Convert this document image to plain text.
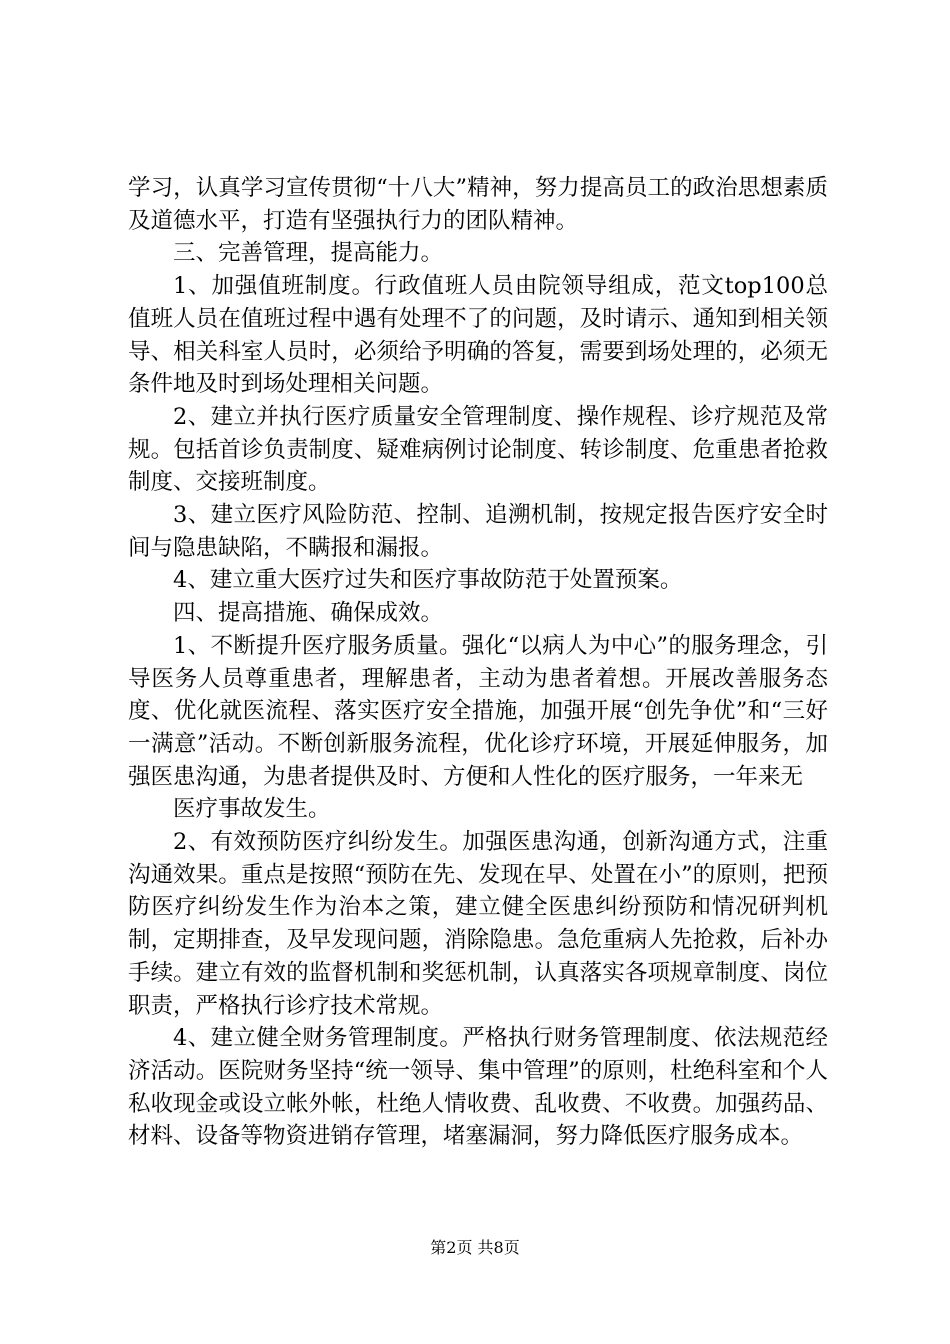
学习，认真学习宣传贯彻“十八大”精神，努力提高员工的政治思想素质及道德水平，打造有坚强执行力的团队精神。

三、完善管理，提高能力。

1、加强值班制度。行政值班人员由院领导组成，范文top100总值班人员在值班过程中遇有处理不了的问题，及时请示、通知到相关领导、相关科室人员时，必须给予明确的答复，需要到场处理的，必须无条件地及时到场处理相关问题。

2、建立并执行医疗质量安全管理制度、操作规程、诊疗规范及常规。包括首诊负责制度、疑难病例讨论制度、转诊制度、危重患者抢救制度、交接班制度。

3、建立医疗风险防范、控制、追溯机制，按规定报告医疗安全时间与隐患缺陷，不瞒报和漏报。

4、建立重大医疗过失和医疗事故防范于处置预案。

四、提高措施、确保成效。

1、不断提升医疗服务质量。强化“以病人为中心”的服务理念，引导医务人员尊重患者，理解患者，主动为患者着想。开展改善服务态度、优化就医流程、落实医疗安全措施，加强开展“创先争优”和“三好一满意”活动。不断创新服务流程，优化诊疗环境，开展延伸服务，加强医患沟通，为患者提供及时、方便和人性化的医疗服务，一年来无

医疗事故发生。

2、有效预防医疗纠纷发生。加强医患沟通，创新沟通方式，注重沟通效果。重点是按照“预防在先、发现在早、处置在小”的原则，把预防医疗纠纷发生作为治本之策，建立健全医患纠纷预防和情况研判机制，定期排查，及早发现问题，消除隐患。急危重病人先抢救，后补办手续。建立有效的监督机制和奖惩机制，认真落实各项规章制度、岗位职责，严格执行诊疗技术常规。

4、建立健全财务管理制度。严格执行财务管理制度、依法规范经济活动。医院财务坚持“统一领导、集中管理”的原则，杜绝科室和个人私收现金或设立帐外帐，杜绝人情收费、乱收费、不收费。加强药品、材料、设备等物资进销存管理，堵塞漏洞，努力降低医疗服务成本。

第2页 共8页
